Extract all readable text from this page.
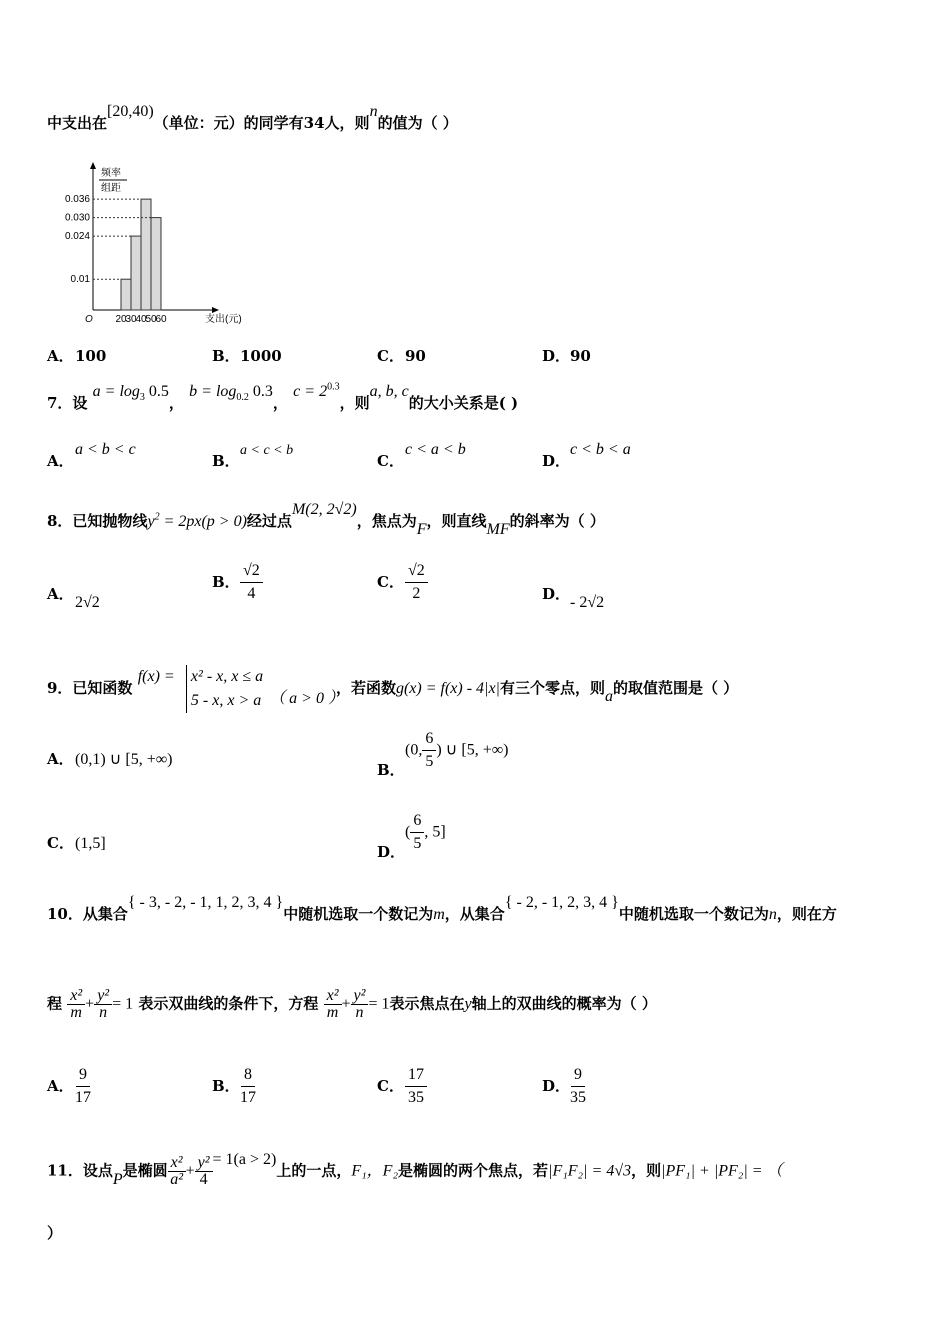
中支出在[20,40)（单位：元）的同学有34人，则n的值为（ ）
频率
组距
O	支出(元)
0.01
0.024
0.030
0.036
20
30
40
50
60
A．100	B．1000	C．90	D．90
7．设 $a = \log_3 0.5$， $b = \log_{0.2} 0.3$， $c = 2^{0.3}$，则a, b, c的大小关系是( )
A．a < b < c
B．a < c < b
C．c < a < b
D．c < b < a
8．已知抛物线$y^2 = 2px(p > 0)$经过点M(2, 2√2)，焦点为F，则直线MF的斜率为（ ）
A．2√2
B． $\frac{√2}{4}$	C． $\frac{√2}{2}$	D．- 2√2
9．已知函数 f(x) = x² - x, x ≤ a
5 - x, x > a （ a > 0 ），若函数g(x) = f(x) - 4|x|有三个零点，则a的取值范围是（ ）
A．(0,1) ∪ [5, +∞)
B．(0, $\frac{6}{5}$ ) ∪ [5, +∞)
C．(1,5]	D．( $\frac{6}{5}$ , 5]
10．从集合{ - 3, - 2, - 1, 1, 2, 3, 4 }中随机选取一个数记为m，从集合{ - 2, - 1, 2, 3, 4 }中随机选取一个数记为n，则在方
程 $\frac{\text{x²}}{m} + \frac{\text{y²}}{n} = 1$ 表示双曲线的条件下，方程 $\frac{\text{x²}}{m} + \frac{\text{y²}}{n} = 1$表示焦点在y轴上的双曲线的概率为（ ）
A． $\frac{9}{17}$	B． $\frac{8}{17}$	C． $\frac{17}{35}$	D． $\frac{9}{35}$
11．设点P是椭圆 $\frac{\text{x²}}{\text{a²}} + \frac{\text{y²}}{4} = 1(a > 2)$上的一点，F₁，F₂是椭圆的两个焦点，若|F₁F₂| = 4√3，则|PF₁| + |PF₂| = （
）
